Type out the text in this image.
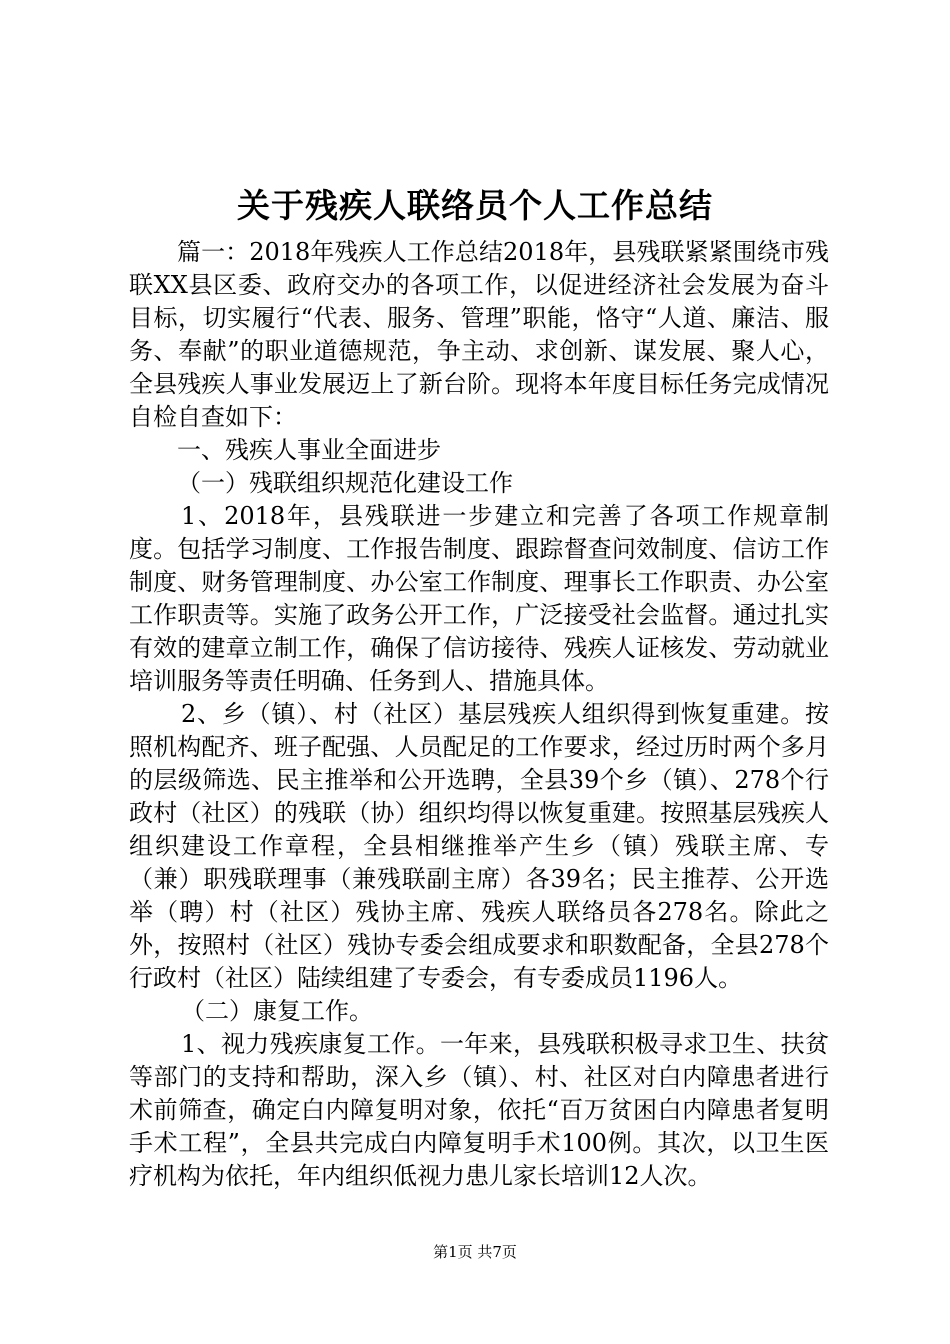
关于残疾人联络员个人工作总结

篇一：2018年残疾人工作总结2018年，县残联紧紧围绕市残联XX县区委、政府交办的各项工作，以促进经济社会发展为奋斗目标，切实履行“代表、服务、管理”职能，恪守“人道、廉洁、服务、奉献”的职业道德规范，争主动、求创新、谋发展、聚人心，全县残疾人事业发展迈上了新台阶。现将本年度目标任务完成情况自检自查如下：

一、残疾人事业全面进步

（一）残联组织规范化建设工作

1、2018年，县残联进一步建立和完善了各项工作规章制度。包括学习制度、工作报告制度、跟踪督查问效制度、信访工作制度、财务管理制度、办公室工作制度、理事长工作职责、办公室工作职责等。实施了政务公开工作，广泛接受社会监督。通过扎实有效的建章立制工作，确保了信访接待、残疾人证核发、劳动就业培训服务等责任明确、任务到人、措施具体。

2、乡（镇）、村（社区）基层残疾人组织得到恢复重建。按照机构配齐、班子配强、人员配足的工作要求，经过历时两个多月的层级筛选、民主推举和公开选聘，全县39个乡（镇）、278个行政村（社区）的残联（协）组织均得以恢复重建。按照基层残疾人组织建设工作章程，全县相继推举产生乡（镇）残联主席、专（兼）职残联理事（兼残联副主席）各39名；民主推荐、公开选举（聘）村（社区）残协主席、残疾人联络员各278名。除此之外，按照村（社区）残协专委会组成要求和职数配备，全县278个行政村（社区）陆续组建了专委会，有专委成员1196人。

（二）康复工作。

1、视力残疾康复工作。一年来，县残联积极寻求卫生、扶贫等部门的支持和帮助，深入乡（镇）、村、社区对白内障患者进行术前筛查，确定白内障复明对象，依托“百万贫困白内障患者复明手术工程”，全县共完成白内障复明手术100例。其次，以卫生医疗机构为依托，年内组织低视力患儿家长培训12人次。

第1页 共7页
